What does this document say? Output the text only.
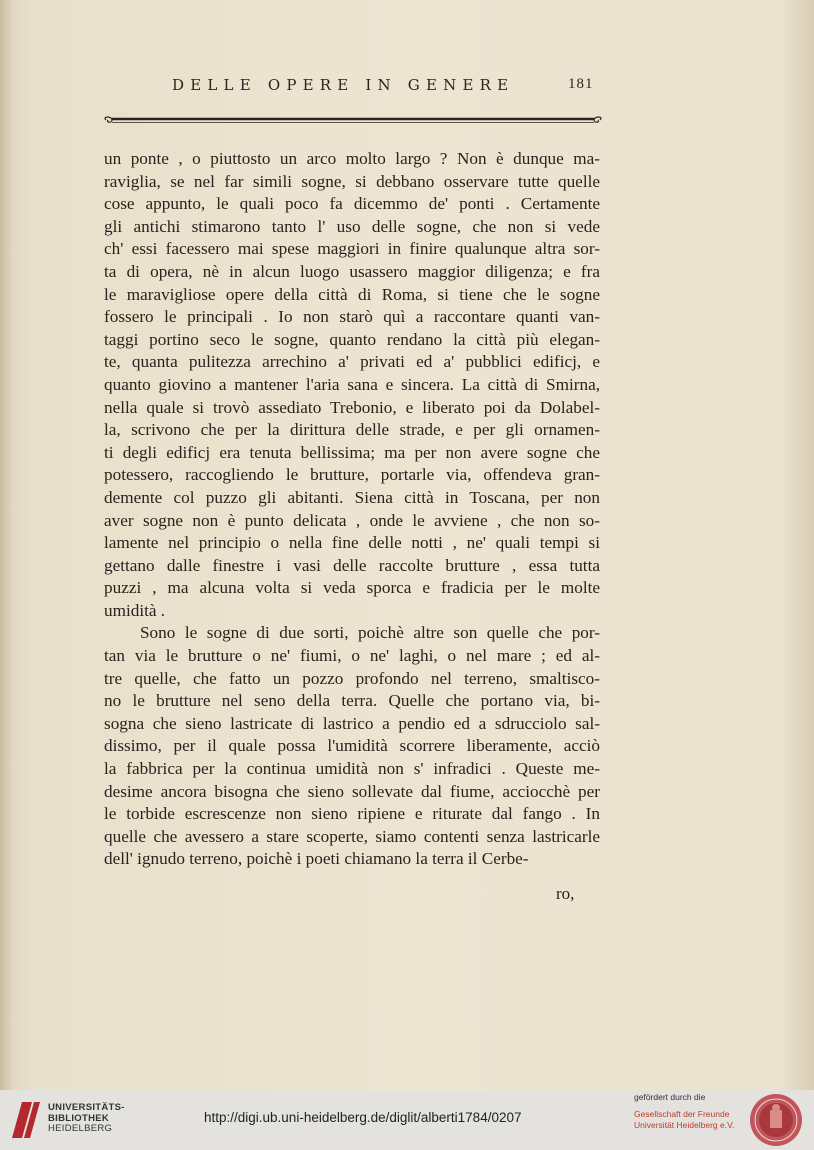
DELLE OPERE IN GENERE	181
un ponte , o piuttosto un arco molto largo ? Non è dunque ma-
raviglia, se nel far simili sogne, si debbano osservare tutte quelle
cose appunto, le quali poco fa dicemmo de' ponti . Certamente
gli antichi stimarono tanto l' uso delle sogne, che non si vede
ch' essi facessero mai spese maggiori in finire qualunque altra sor-
ta di opera, nè in alcun luogo usassero maggior diligenza; e fra
le maravigliose opere della città di Roma, si tiene che le sogne
fossero le principali . Io non starò quì a raccontare quanti van-
taggi portino seco le sogne, quanto rendano la città più elegan-
te, quanta pulitezza arrechino a' privati ed a' pubblici edificj, e
quanto giovino a mantener l'aria sana e sincera. La città di Smirna,
nella quale si trovò assediato Trebonio, e liberato poi da Dolabel-
la, scrivono che per la dirittura delle strade, e per gli ornamen-
ti degli edificj era tenuta bellissima; ma per non avere sogne che
potessero, raccogliendo le brutture, portarle via, offendeva gran-
demente col puzzo gli abitanti. Siena città in Toscana, per non
aver sogne non è punto delicata , onde le avviene , che non so-
lamente nel principio o nella fine delle notti , ne' quali tempi si
gettano dalle finestre i vasi delle raccolte brutture , essa tutta
puzzi , ma alcuna volta si veda sporca e fradicia per le molte
umidità .
Sono le sogne di due sorti, poichè altre son quelle che por-
tan via le brutture o ne' fiumi, o ne' laghi, o nel mare ; ed al-
tre quelle, che fatto un pozzo profondo nel terreno, smaltisco-
no le brutture nel seno della terra. Quelle che portano via, bi-
sogna che sieno lastricate di lastrico a pendio ed a sdrucciolo sal-
dissimo, per il quale possa l'umidità scorrere liberamente, acciò
la fabbrica per la continua umidità non s' infradici . Queste me-
desime ancora bisogna che sieno sollevate dal fiume, acciocchè per
le torbide escrescenze non sieno ripiene e riturate dal fango . In
quelle che avessero a stare scoperte, siamo contenti senza lastricarle
dell' ignudo terreno, poichè i poeti chiamano la terra il Cerbe-
ro,
UNIVERSITÄTS-
BIBLIOTHEK
HEIDELBERG
http://digi.ub.uni-heidelberg.de/diglit/alberti1784/0207
gefördert durch die
Gesellschaft der Freunde
Universität Heidelberg e.V.
